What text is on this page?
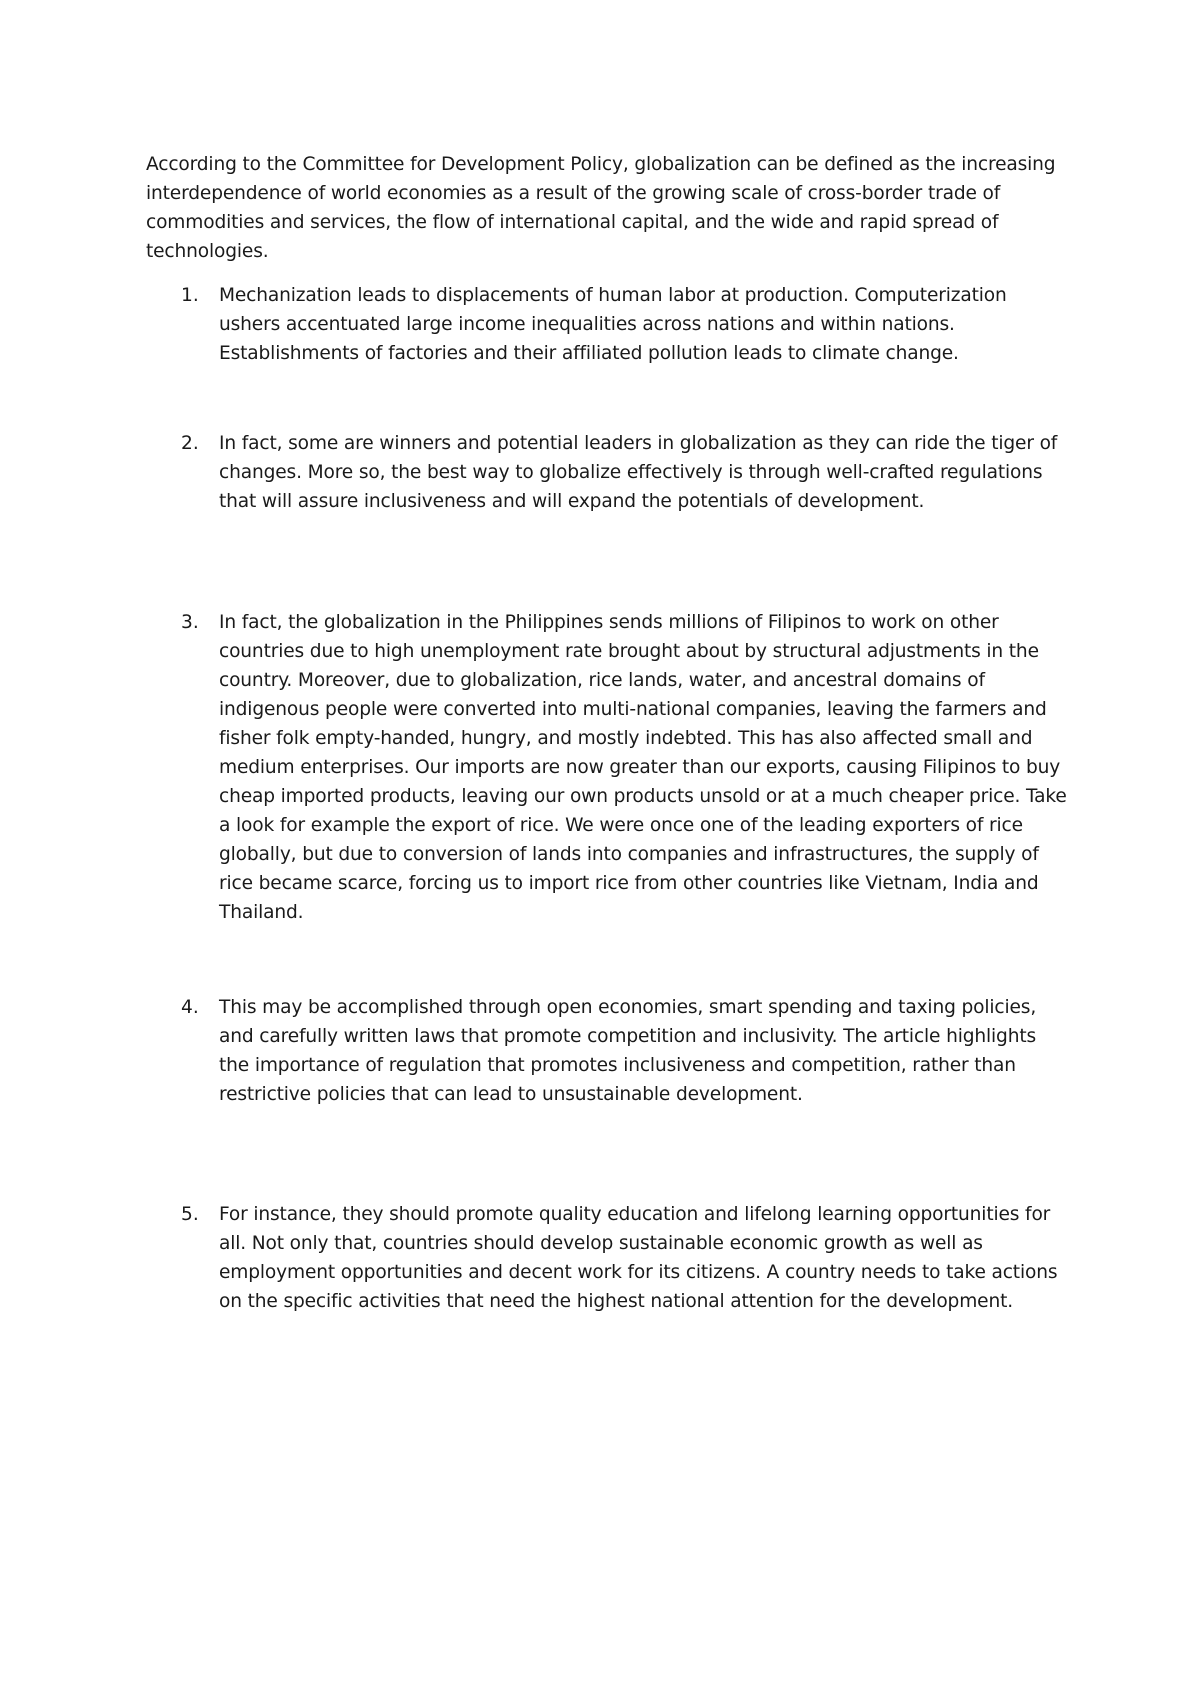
According to the Committee for Development Policy, globalization can be defined as the increasing interdependence of world economies as a result of the growing scale of cross-border trade of commodities and services, the flow of international capital, and the wide and rapid spread of technologies.

1.	Mechanization leads to displacements of human labor at production. Computerization ushers accentuated large income inequalities across nations and within nations. Establishments of factories and their affiliated pollution leads to climate change.

2.	In fact, some are winners and potential leaders in globalization as they can ride the tiger of changes. More so, the best way to globalize effectively is through well-crafted regulations that will assure inclusiveness and will expand the potentials of development.

3.	In fact, the globalization in the Philippines sends millions of Filipinos to work on other countries due to high unemployment rate brought about by structural adjustments in the country. Moreover, due to globalization, rice lands, water, and ancestral domains of indigenous people were converted into multi-national companies, leaving the farmers and fisher folk empty-handed, hungry, and mostly indebted. This has also affected small and medium enterprises. Our imports are now greater than our exports, causing Filipinos to buy cheap imported products, leaving our own products unsold or at a much cheaper price. Take a look for example the export of rice. We were once one of the leading exporters of rice globally, but due to conversion of lands into companies and infrastructures, the supply of rice became scarce, forcing us to import rice from other countries like Vietnam, India and Thailand.

4.	This may be accomplished through open economies, smart spending and taxing policies, and carefully written laws that promote competition and inclusivity. The article highlights the importance of regulation that promotes inclusiveness and competition, rather than restrictive policies that can lead to unsustainable development.

5.	For instance, they should promote quality education and lifelong learning opportunities for all. Not only that, countries should develop sustainable economic growth as well as employment opportunities and decent work for its citizens. A country needs to take actions on the specific activities that need the highest national attention for the development.
